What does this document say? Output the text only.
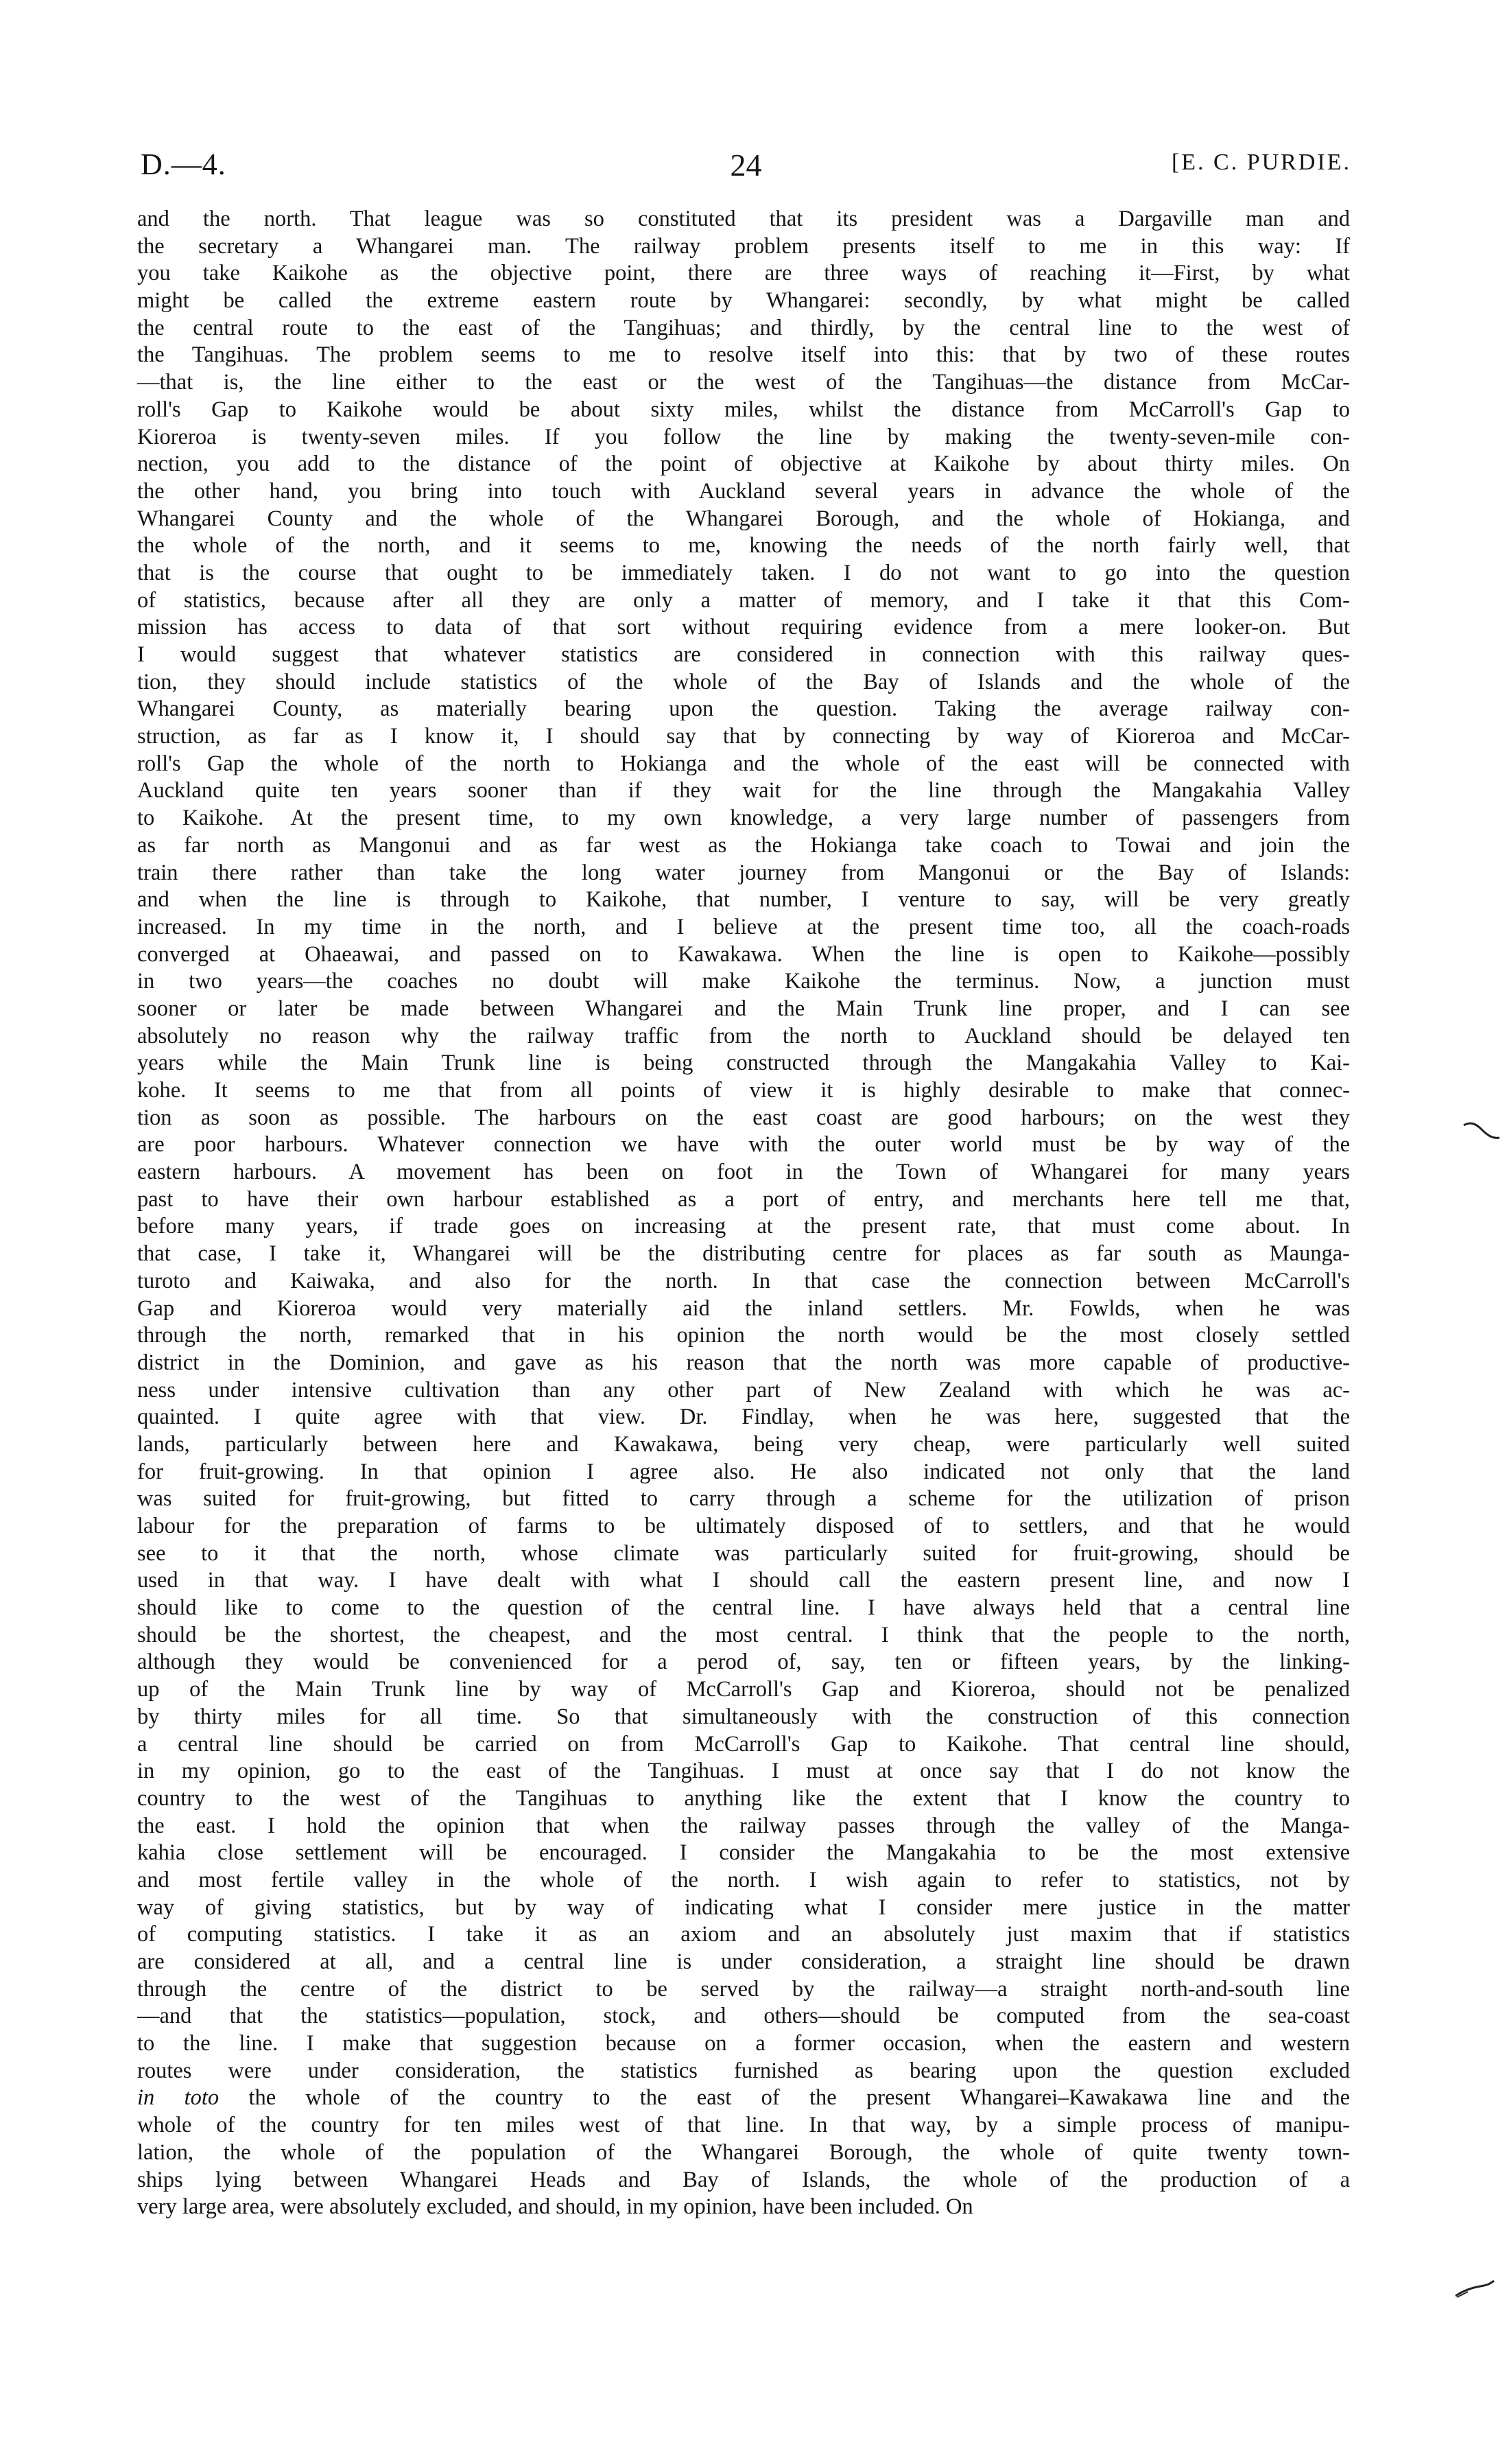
D.—4.	24	[E. C. PURDIE.
and the north. That league was so constituted that its president was a Dargaville man and
the secretary a Whangarei man. The railway problem presents itself to me in this way: If
you take Kaikohe as the objective point, there are three ways of reaching it—First, by what
might be called the extreme eastern route by Whangarei: secondly, by what might be called
the central route to the east of the Tangihuas; and thirdly, by the central line to the west of
the Tangihuas. The problem seems to me to resolve itself into this: that by two of these routes
—that is, the line either to the east or the west of the Tangihuas—the distance from McCar-
roll's Gap to Kaikohe would be about sixty miles, whilst the distance from McCarroll's Gap to
Kioreroa is twenty-seven miles. If you follow the line by making the twenty-seven-mile con-
nection, you add to the distance of the point of objective at Kaikohe by about thirty miles. On
the other hand, you bring into touch with Auckland several years in advance the whole of the
Whangarei County and the whole of the Whangarei Borough, and the whole of Hokianga, and
the whole of the north, and it seems to me, knowing the needs of the north fairly well, that
that is the course that ought to be immediately taken. I do not want to go into the question
of statistics, because after all they are only a matter of memory, and I take it that this Com-
mission has access to data of that sort without requiring evidence from a mere looker-on. But
I would suggest that whatever statistics are considered in connection with this railway ques-
tion, they should include statistics of the whole of the Bay of Islands and the whole of the
Whangarei County, as materially bearing upon the question. Taking the average railway con-
struction, as far as I know it, I should say that by connecting by way of Kioreroa and McCar-
roll's Gap the whole of the north to Hokianga and the whole of the east will be connected with
Auckland quite ten years sooner than if they wait for the line through the Mangakahia Valley
to Kaikohe. At the present time, to my own knowledge, a very large number of passengers from
as far north as Mangonui and as far west as the Hokianga take coach to Towai and join the
train there rather than take the long water journey from Mangonui or the Bay of Islands:
and when the line is through to Kaikohe, that number, I venture to say, will be very greatly
increased. In my time in the north, and I believe at the present time too, all the coach-roads
converged at Ohaeawai, and passed on to Kawakawa. When the line is open to Kaikohe—possibly
in two years—the coaches no doubt will make Kaikohe the terminus. Now, a junction must
sooner or later be made between Whangarei and the Main Trunk line proper, and I can see
absolutely no reason why the railway traffic from the north to Auckland should be delayed ten
years while the Main Trunk line is being constructed through the Mangakahia Valley to Kai-
kohe. It seems to me that from all points of view it is highly desirable to make that connec-
tion as soon as possible. The harbours on the east coast are good harbours; on the west they
are poor harbours. Whatever connection we have with the outer world must be by way of the
eastern harbours. A movement has been on foot in the Town of Whangarei for many years
past to have their own harbour established as a port of entry, and merchants here tell me that,
before many years, if trade goes on increasing at the present rate, that must come about. In
that case, I take it, Whangarei will be the distributing centre for places as far south as Maunga-
turoto and Kaiwaka, and also for the north. In that case the connection between McCarroll's
Gap and Kioreroa would very materially aid the inland settlers. Mr. Fowlds, when he was
through the north, remarked that in his opinion the north would be the most closely settled
district in the Dominion, and gave as his reason that the north was more capable of productive-
ness under intensive cultivation than any other part of New Zealand with which he was ac-
quainted. I quite agree with that view. Dr. Findlay, when he was here, suggested that the
lands, particularly between here and Kawakawa, being very cheap, were particularly well suited
for fruit-growing. In that opinion I agree also. He also indicated not only that the land
was suited for fruit-growing, but fitted to carry through a scheme for the utilization of prison
labour for the preparation of farms to be ultimately disposed of to settlers, and that he would
see to it that the north, whose climate was particularly suited for fruit-growing, should be
used in that way. I have dealt with what I should call the eastern present line, and now I
should like to come to the question of the central line. I have always held that a central line
should be the shortest, the cheapest, and the most central. I think that the people to the north,
although they would be convenienced for a perod of, say, ten or fifteen years, by the linking-
up of the Main Trunk line by way of McCarroll's Gap and Kioreroa, should not be penalized
by thirty miles for all time. So that simultaneously with the construction of this connection
a central line should be carried on from McCarroll's Gap to Kaikohe. That central line should,
in my opinion, go to the east of the Tangihuas. I must at once say that I do not know the
country to the west of the Tangihuas to anything like the extent that I know the country to
the east. I hold the opinion that when the railway passes through the valley of the Manga-
kahia close settlement will be encouraged. I consider the Mangakahia to be the most extensive
and most fertile valley in the whole of the north. I wish again to refer to statistics, not by
way of giving statistics, but by way of indicating what I consider mere justice in the matter
of computing statistics. I take it as an axiom and an absolutely just maxim that if statistics
are considered at all, and a central line is under consideration, a straight line should be drawn
through the centre of the district to be served by the railway—a straight north-and-south line
—and that the statistics—population, stock, and others—should be computed from the sea-coast
to the line. I make that suggestion because on a former occasion, when the eastern and western
routes were under consideration, the statistics furnished as bearing upon the question excluded
in toto the whole of the country to the east of the present Whangarei–Kawakawa line and the
whole of the country for ten miles west of that line. In that way, by a simple process of manipu-
lation, the whole of the population of the Whangarei Borough, the whole of quite twenty town-
ships lying between Whangarei Heads and Bay of Islands, the whole of the production of a
very large area, were absolutely excluded, and should, in my opinion, have been included. On
